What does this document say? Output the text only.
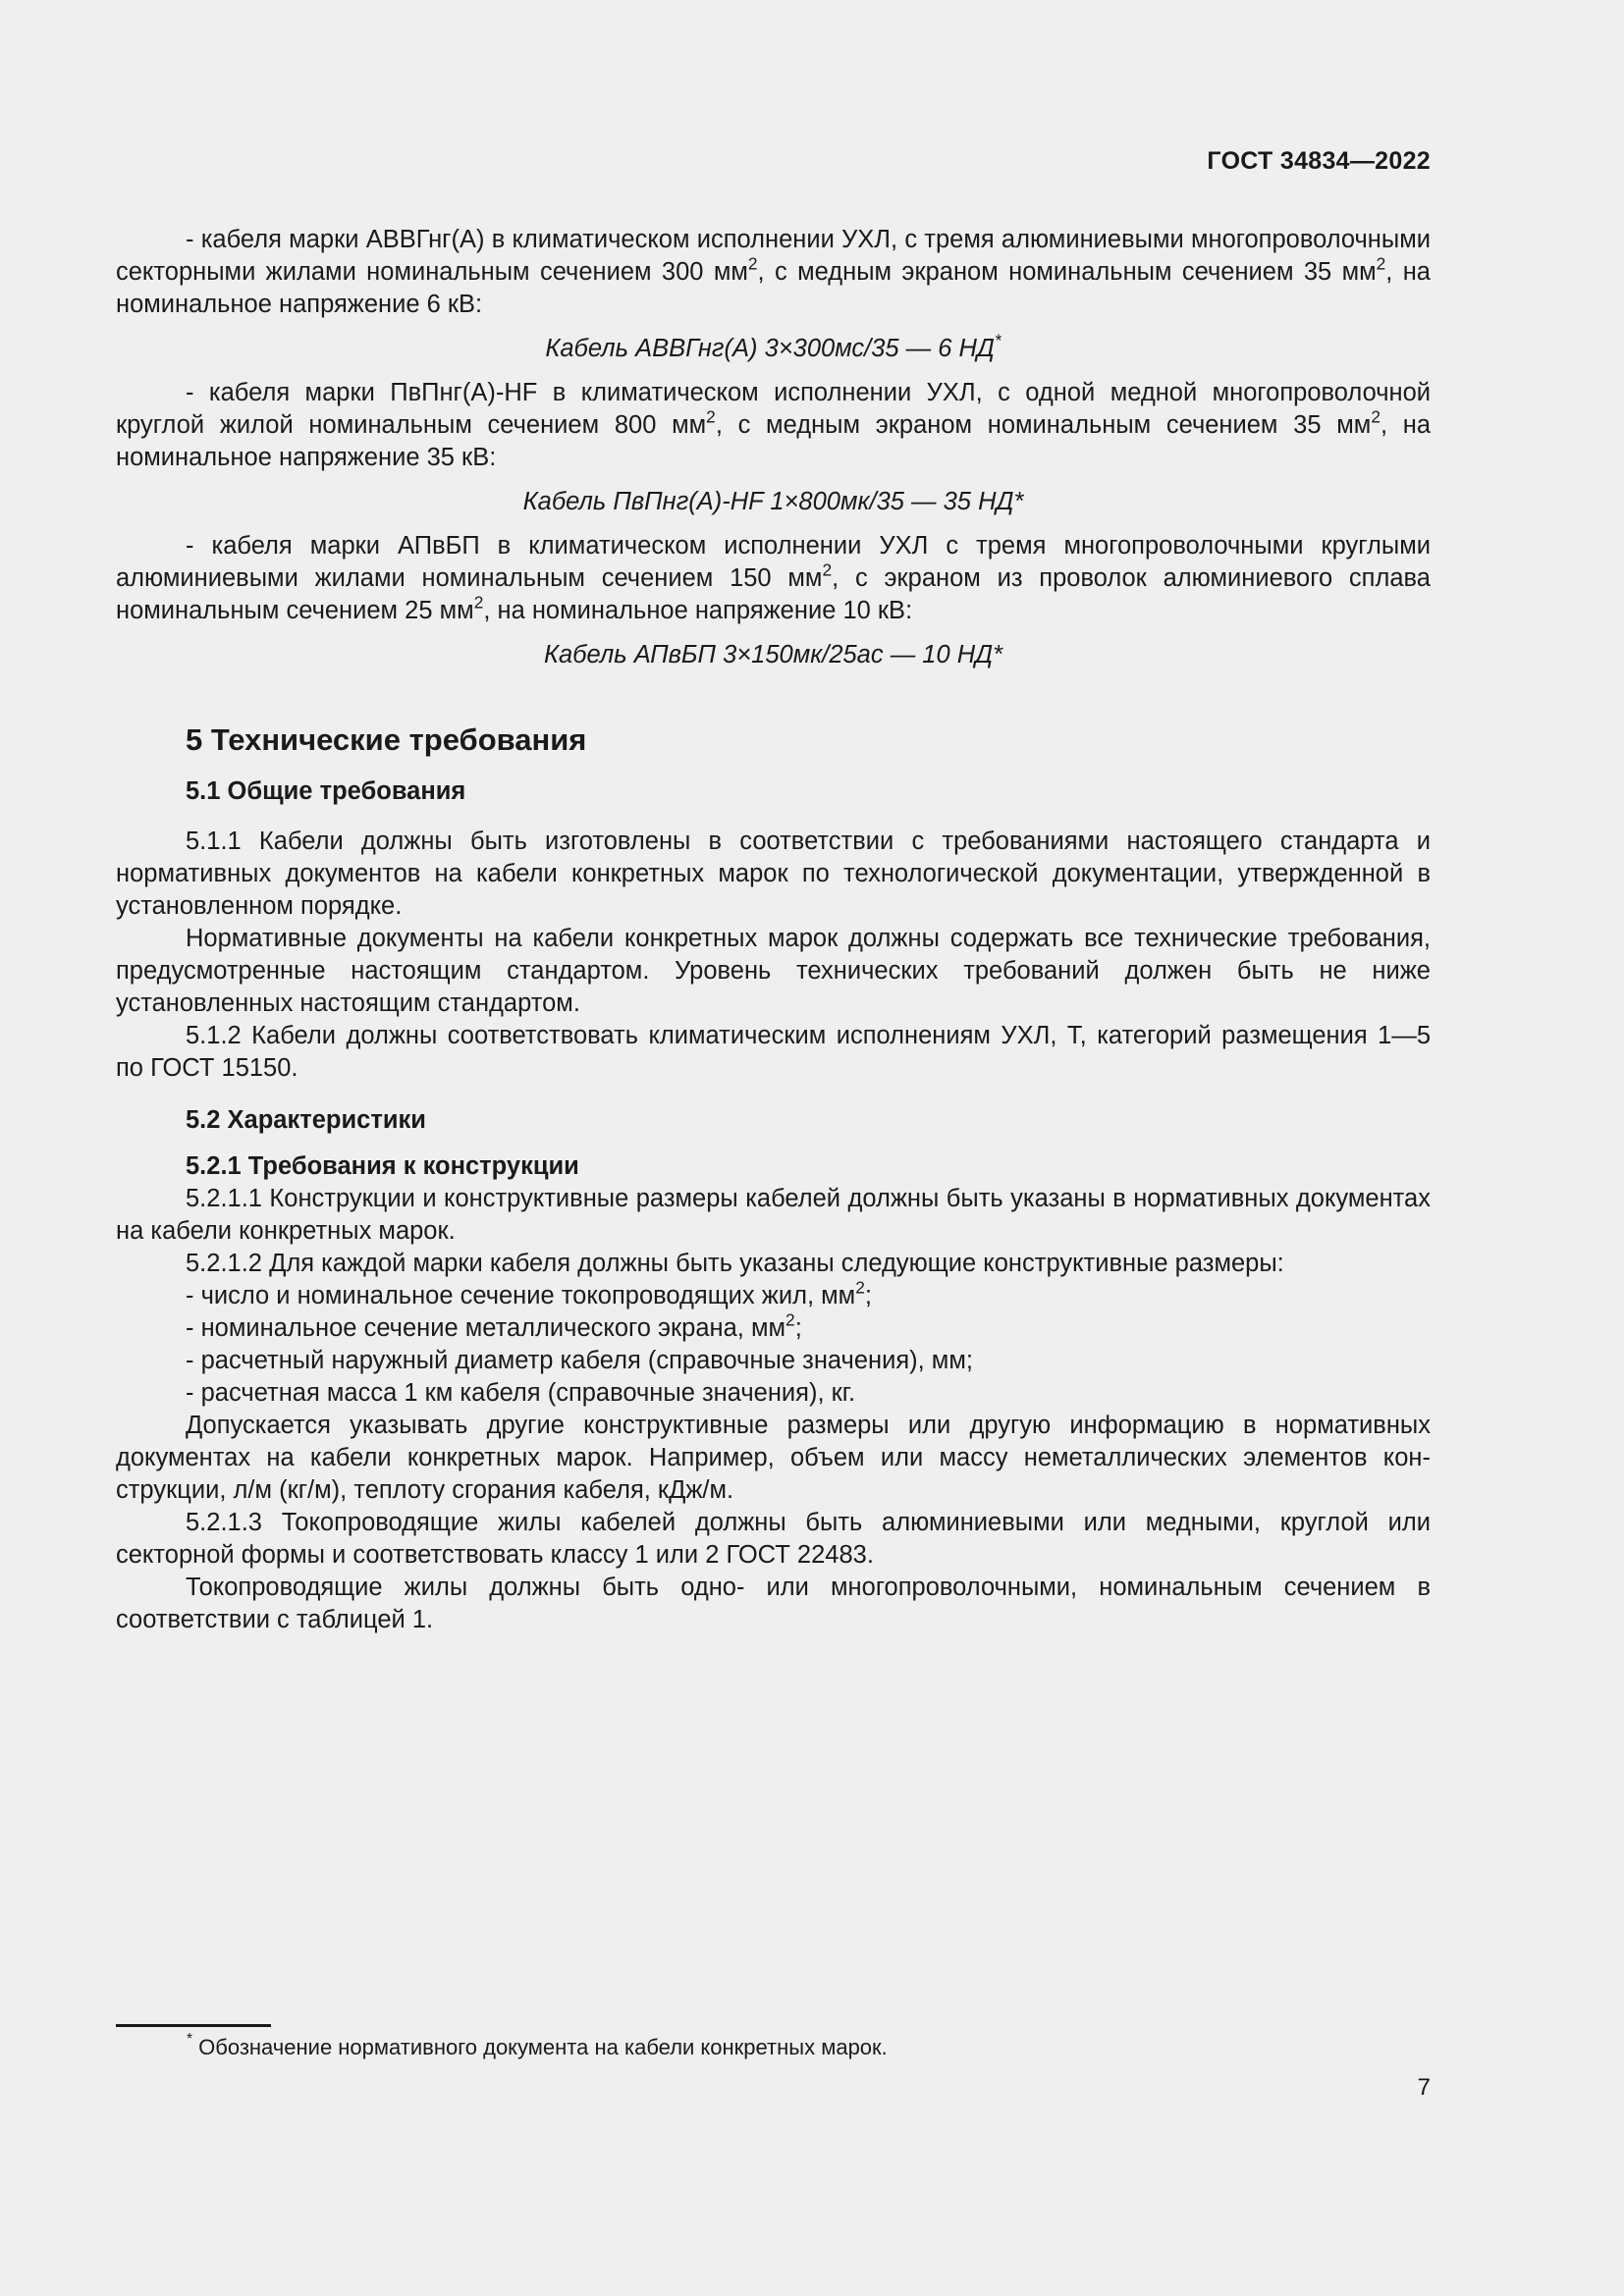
ГОСТ 34834—2022

- кабеля марки АВВГнг(А) в климатическом исполнении УХЛ, с тремя алюминиевыми многопроволочными секторными жилами номинальным сечением 300 $мм^2$, с медным экраном номинальным сечением 35 $мм^2$, на номинальное напряжение 6 кВ:

Кабель АВВГнг(А) 3×300мс/35 — 6 НД*

- кабеля марки ПвПнг(А)-HF в климатическом исполнении УХЛ, с одной медной многопроволочной круглой жилой номинальным сечением 800 $мм^2$, с медным экраном номинальным сечением 35 $мм^2$, на номинальное напряжение 35 кВ:

Кабель ПвПнг(А)-HF 1×800мк/35 — 35 НД*

- кабеля марки АПвБП в климатическом исполнении УХЛ с тремя многопроволочными круглыми алюминиевыми жилами номинальным сечением 150 $мм^2$, с экраном из проволок алюминиевого сплава номинальным сечением 25 $мм^2$, на номинальное напряжение 10 кВ:

Кабель АПвБП 3×150мк/25ас — 10 НД*

5 Технические требования
5.1 Общие требования

5.1.1 Кабели должны быть изготовлены в соответствии с требованиями настоящего стандарта и нормативных документов на кабели конкретных марок по технологической документации, утвержденной в установленном порядке.

Нормативные документы на кабели конкретных марок должны содержать все технические требования, предусмотренные настоящим стандартом. Уровень технических требований должен быть не ниже установленных настоящим стандартом.

5.1.2 Кабели должны соответствовать климатическим исполнениям УХЛ, Т, категорий размещения 1—5 по ГОСТ 15150.

5.2 Характеристики
5.2.1 Требования к конструкции

5.2.1.1 Конструкции и конструктивные размеры кабелей должны быть указаны в нормативных документах на кабели конкретных марок.

5.2.1.2 Для каждой марки кабеля должны быть указаны следующие конструктивные размеры:

- число и номинальное сечение токопроводящих жил, $мм^2$;

- номинальное сечение металлического экрана, $мм^2$;

- расчетный наружный диаметр кабеля (справочные значения), мм;

- расчетная масса 1 км кабеля (справочные значения), кг.

Допускается указывать другие конструктивные размеры или другую информацию в нормативных документах на кабели конкретных марок. Например, объем или массу неметаллических элементов конструкции, л/м (кг/м), теплоту сгорания кабеля, кДж/м.

5.2.1.3 Токопроводящие жилы кабелей должны быть алюминиевыми или медными, круглой или секторной формы и соответствовать классу 1 или 2 ГОСТ 22483.

Токопроводящие жилы должны быть одно- или многопроволочными, номинальным сечением в соответствии с таблицей 1.

* Обозначение нормативного документа на кабели конкретных марок.
7
